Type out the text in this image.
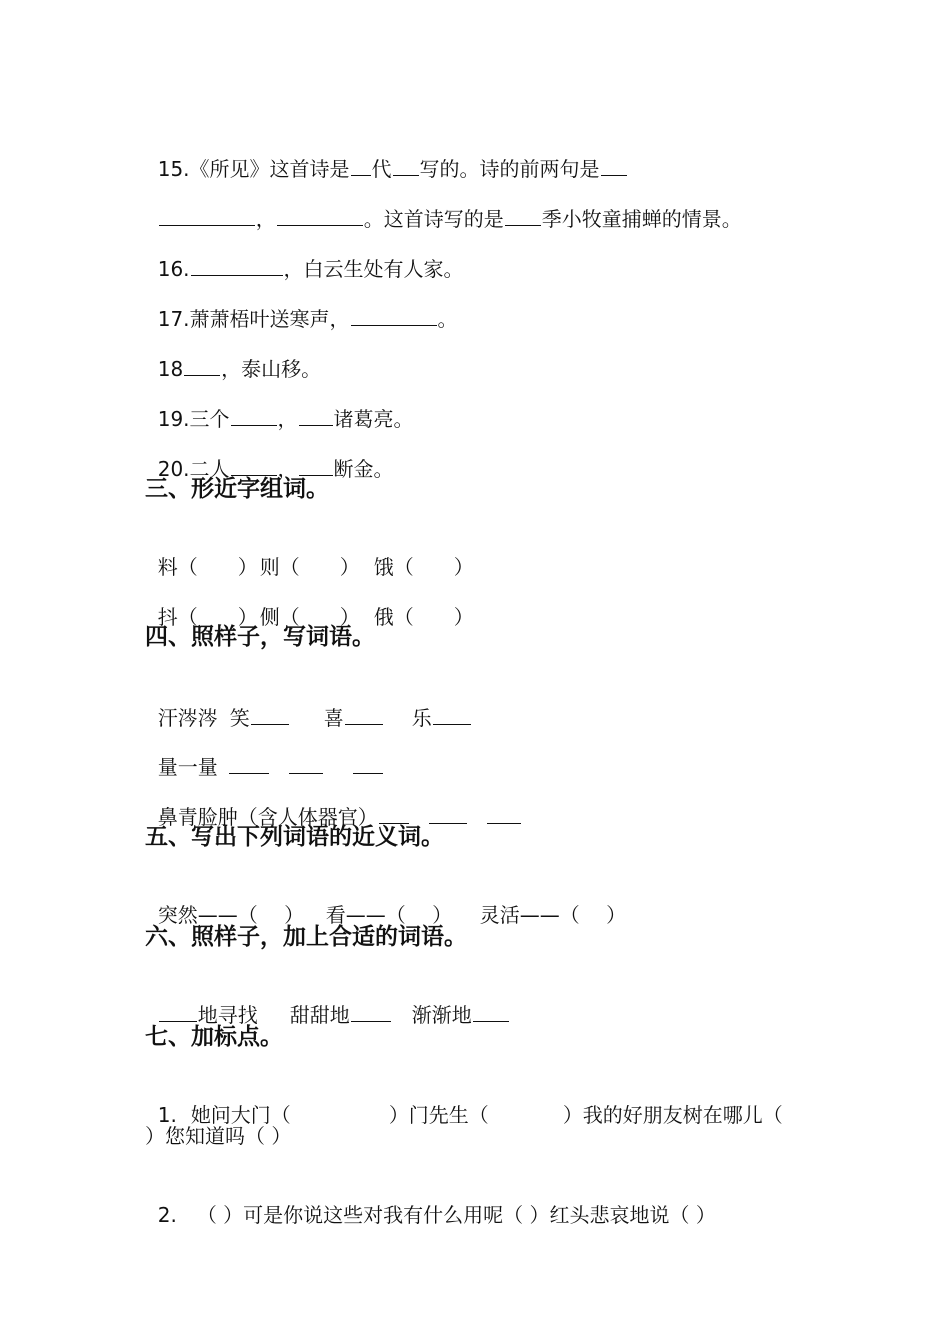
15.《所见》这首诗是 代 写的。诗的前两句是

，	。这首诗写的是 季小牧童捕蝉的情景。

16.	，白云生处有人家。

17.萧萧梧叶送寒声，	。

18 ，泰山移。

19.三个 ， 诸葛亮。

20.二人 ， 断金。

三、形近字组词。

料（　　） 则（　　） 饿（　　）

抖（　　） 侧（　　） 俄（　　）

四、照样子，写词语。

汗涔涔 笑	喜	乐

量一量

鼻青脸肿（含人体器官）

五、写出下列词语的近义词。

突然——（　 ） 看——（　 ） 灵活——（　 ）

六、照样子，加上合适的词语。

地寻找 甜甜地	渐渐地

七、加标点。

1. 她问大门（	）门先生（	）我的好朋友树在哪儿（

）您知道吗（ ）

2. （ ）可是你说这些对我有什么用呢（ ）红头悲哀地说（ ）
